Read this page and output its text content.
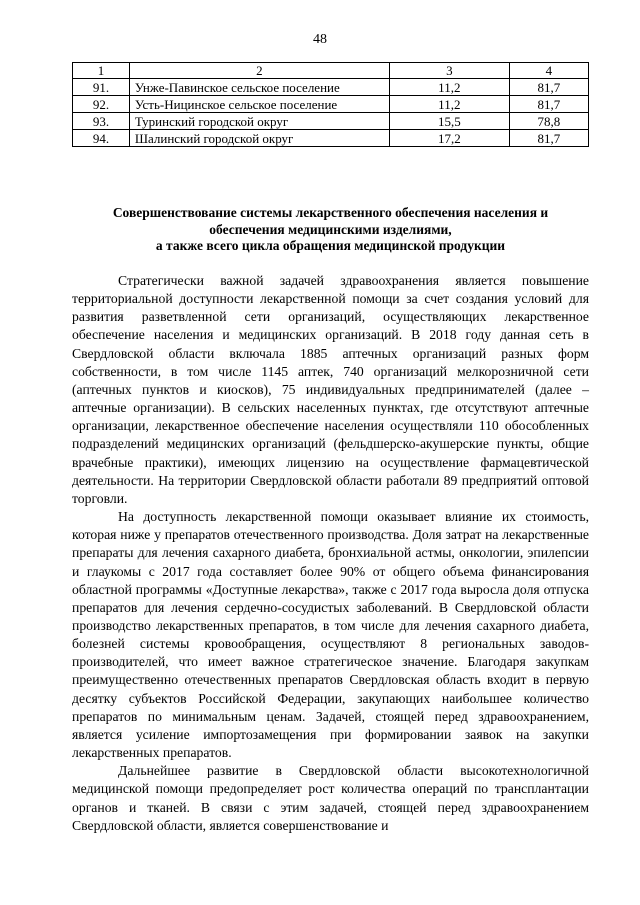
48
1	2	3	4
91.	Унже-Павинское сельское поселение	11,2	81,7
92.	Усть-Ницинское сельское поселение	11,2	81,7
93.	Туринский городской округ	15,5	78,8
94.	Шалинский городской округ	17,2	81,7
Совершенствование системы лекарственного обеспечения населения и
обеспечения медицинскими изделиями,
а также всего цикла обращения медицинской продукции

Стратегически важной задачей здравоохранения является повышение территориальной доступности лекарственной помощи за счет создания условий для развития разветвленной сети организаций, осуществляющих лекарственное обеспечение населения и медицинских организаций. В 2018 году данная сеть в Свердловской области включала 1885 аптечных организаций разных форм собственности, в том числе 1145 аптек, 740 организаций мелкорозничной сети (аптечных пунктов и киосков), 75 индивидуальных предпринимателей (далее – аптечные организации). В сельских населенных пунктах, где отсутствуют аптечные организации, лекарственное обеспечение населения осуществляли 110 обособленных подразделений медицинских организаций (фельдшерско-акушерские пункты, общие врачебные практики), имеющих лицензию на осуществление фармацевтической деятельности. На территории Свердловской области работали 89 предприятий оптовой торговли.

На доступность лекарственной помощи оказывает влияние их стоимость, которая ниже у препаратов отечественного производства. Доля затрат на лекарственные препараты для лечения сахарного диабета, бронхиальной астмы, онкологии, эпилепсии и глаукомы с 2017 года составляет более 90% от общего объема финансирования областной программы «Доступные лекарства», также с 2017 года выросла доля отпуска препаратов для лечения сердечно-сосудистых заболеваний. В Свердловской области производство лекарственных препаратов, в том числе для лечения сахарного диабета, болезней системы кровообращения, осуществляют 8 региональных заводов-производителей, что имеет важное стратегическое значение. Благодаря закупкам преимущественно отечественных препаратов Свердловская область входит в первую десятку субъектов Российской Федерации, закупающих наибольшее количество препаратов по минимальным ценам. Задачей, стоящей перед здравоохранением, является усиление импортозамещения при формировании заявок на закупки лекарственных препаратов.

Дальнейшее развитие в Свердловской области высокотехнологичной медицинской помощи предопределяет рост количества операций по трансплантации органов и тканей. В связи с этим задачей, стоящей перед здравоохранением Свердловской области, является совершенствование и
